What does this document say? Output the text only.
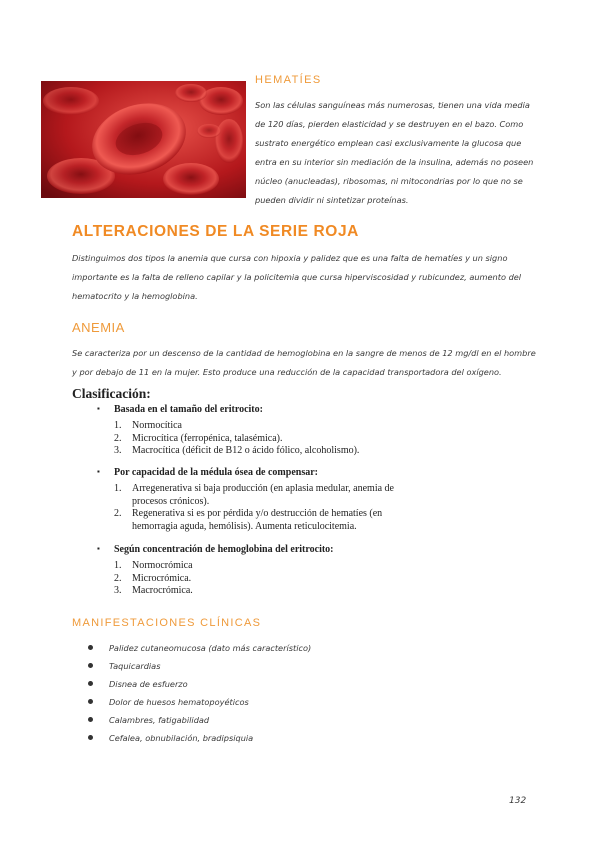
HEMATÍES
Son las células sanguíneas más numerosas, tienen una vida media de 120 días, pierden elasticidad y se destruyen en el bazo. Como sustrato energético emplean casi exclusivamente la glucosa que entra en su interior sin mediación de la insulina, además no poseen núcleo (anucleadas), ribosomas, ni mitocondrias por lo que no se pueden dividir ni sintetizar proteínas.
ALTERACIONES DE LA SERIE ROJA
Distinguimos dos tipos la anemia que cursa con hipoxia y palidez que es una falta de hematíes y un signo importante es la falta de relleno capilar y la policitemia que cursa hiperviscosidad y rubicundez, aumento del hematocrito y la hemoglobina.
ANEMIA
Se caracteriza por un descenso de la cantidad de hemoglobina en la sangre de menos de 12 mg/dl en el hombre y por debajo de 11 en la mujer. Esto produce una reducción de la capacidad transportadora del oxígeno.
Clasificación:
▪ Basada en el tamaño del eritrocito:
1. Normocítica
2. Microcítica (ferropénica, talasémica).
3. Macrocítica (déficit de B12 o ácido fólico, alcoholismo).
▪ Por capacidad de la médula ósea de compensar:
1. Arregenerativa si baja producción (en aplasia medular, anemia de procesos crónicos).
2. Regenerativa si es por pérdida y/o destrucción de hematíes (en hemorragia aguda, hemólisis). Aumenta reticulocitemia.
▪ Según concentración de hemoglobina del eritrocito:
1. Normocrómica
2. Microcrómica.
3. Macrocrómica.
MANIFESTACIONES CLÍNICAS
Palidez cutaneomucosa (dato más característico)
Taquicardias
Disnea de esfuerzo
Dolor de huesos hematopoyéticos
Calambres, fatigabilidad
Cefalea, obnubilación, bradipsiquia
132
